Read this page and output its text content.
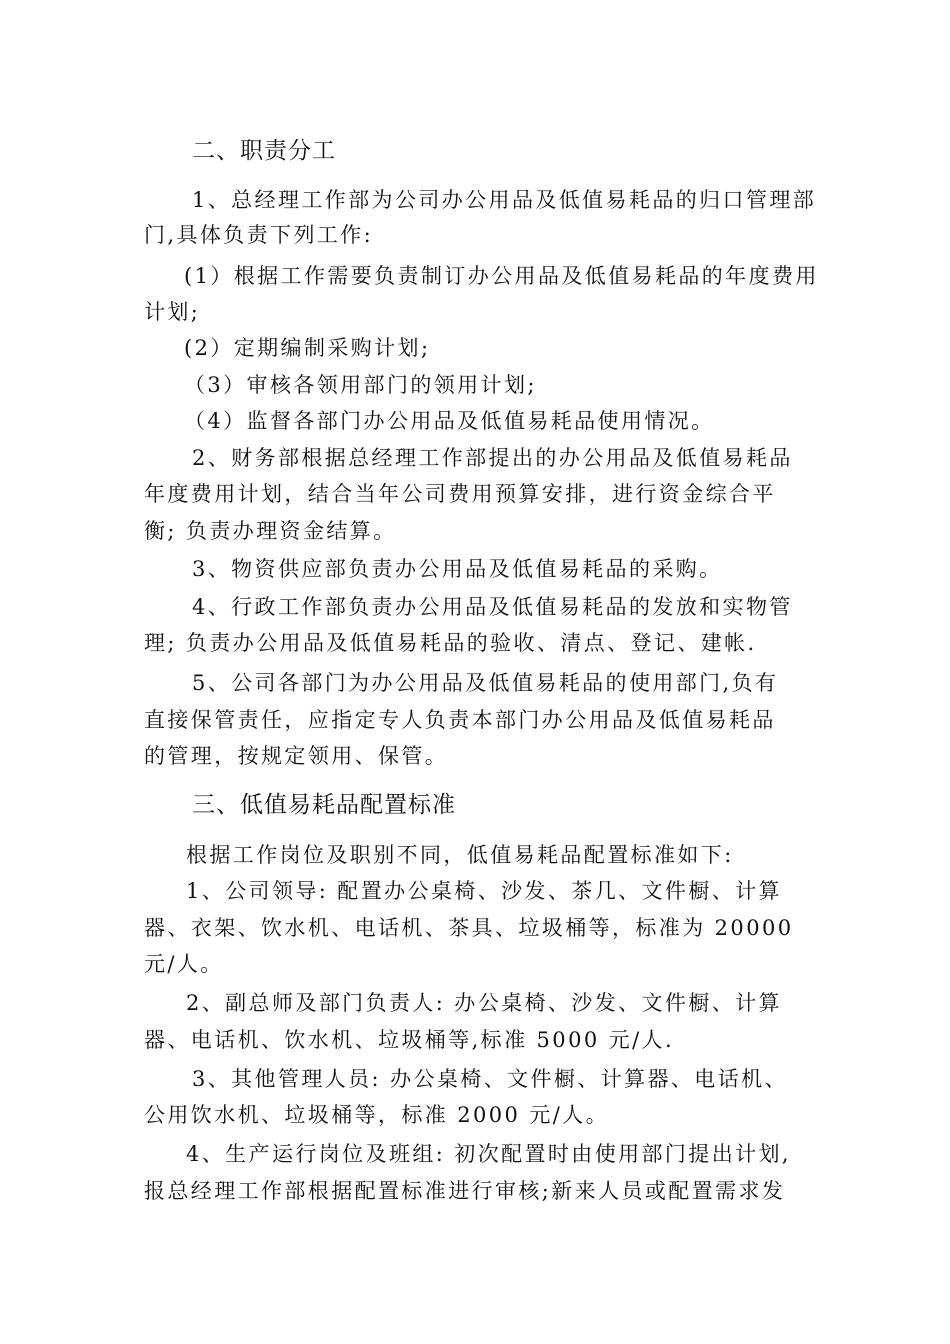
二、职责分工
1、总经理工作部为公司办公用品及低值易耗品的归口管理部
门,具体负责下列工作:
(1）根据工作需要负责制订办公用品及低值易耗品的年度费用
计划;
(2）定期编制采购计划;
（3）审核各领用部门的领用计划;
（4）监督各部门办公用品及低值易耗品使用情况。
2、财务部根据总经理工作部提出的办公用品及低值易耗品
年度费用计划，结合当年公司费用预算安排，进行资金综合平
衡; 负责办理资金结算。
3、物资供应部负责办公用品及低值易耗品的采购。
4、行政工作部负责办公用品及低值易耗品的发放和实物管
理; 负责办公用品及低值易耗品的验收、清点、登记、建帐.
5、公司各部门为办公用品及低值易耗品的使用部门,负有
直接保管责任，应指定专人负责本部门办公用品及低值易耗品
的管理，按规定领用、保管。
三、低值易耗品配置标准
根据工作岗位及职别不同，低值易耗品配置标准如下:
1、公司领导: 配置办公桌椅、沙发、茶几、文件橱、计算
器、衣架、饮水机、电话机、茶具、垃圾桶等，标准为 20000
元/人。
2、副总师及部门负责人: 办公桌椅、沙发、文件橱、计算
器、电话机、饮水机、垃圾桶等,标准 5000 元/人.
3、其他管理人员: 办公桌椅、文件橱、计算器、电话机、
公用饮水机、垃圾桶等，标准 2000 元/人。
4、生产运行岗位及班组: 初次配置时由使用部门提出计划,
报总经理工作部根据配置标准进行审核;新来人员或配置需求发
